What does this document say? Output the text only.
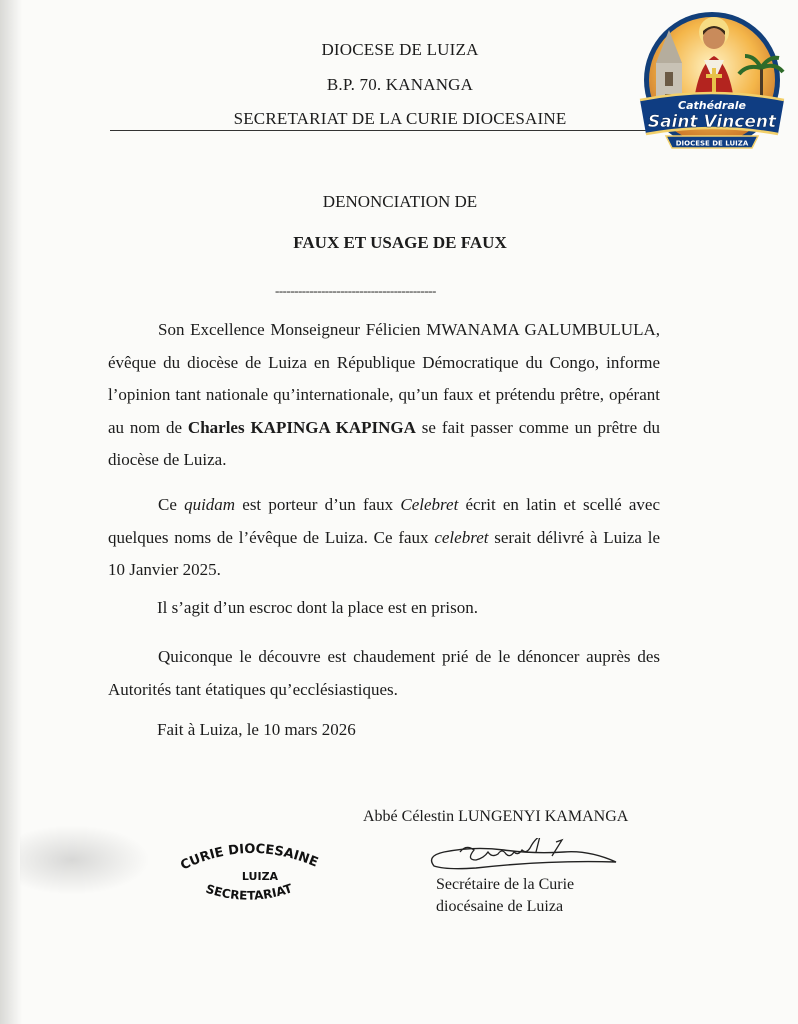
DIOCESE DE LUIZA
B.P. 70. KANANGA
SECRETARIAT DE LA CURIE DIOCESAINE
Cathédrale
Saint Vincent
DIOCESE DE LUIZA
DENONCIATION DE
FAUX ET USAGE DE FAUX
------------------------------------------
Son Excellence Monseigneur Félicien MWANAMA GALUMBULULA, évêque du diocèse de Luiza en République Démocratique du Congo, informe l’opinion tant nationale qu’internationale, qu’un faux et prétendu prêtre, opérant au nom de Charles KAPINGA KAPINGA se fait passer comme un prêtre du diocèse de Luiza.
Ce quidam est porteur d’un faux Celebret écrit en latin et scellé avec quelques noms de l’évêque de Luiza. Ce faux celebret serait délivré à Luiza le 10 Janvier 2025.
Il s’agit d’un escroc dont la place est en prison.
Quiconque le découvre est chaudement prié de le dénoncer auprès des Autorités tant étatiques qu’ecclésiastiques.
Fait à Luiza, le 10 mars 2026
Abbé Célestin LUNGENYI KAMANGA
Secrétaire de la Curie
diocésaine de Luiza
CURIE DIOCESAINE
LUIZA
SECRETARIAT
